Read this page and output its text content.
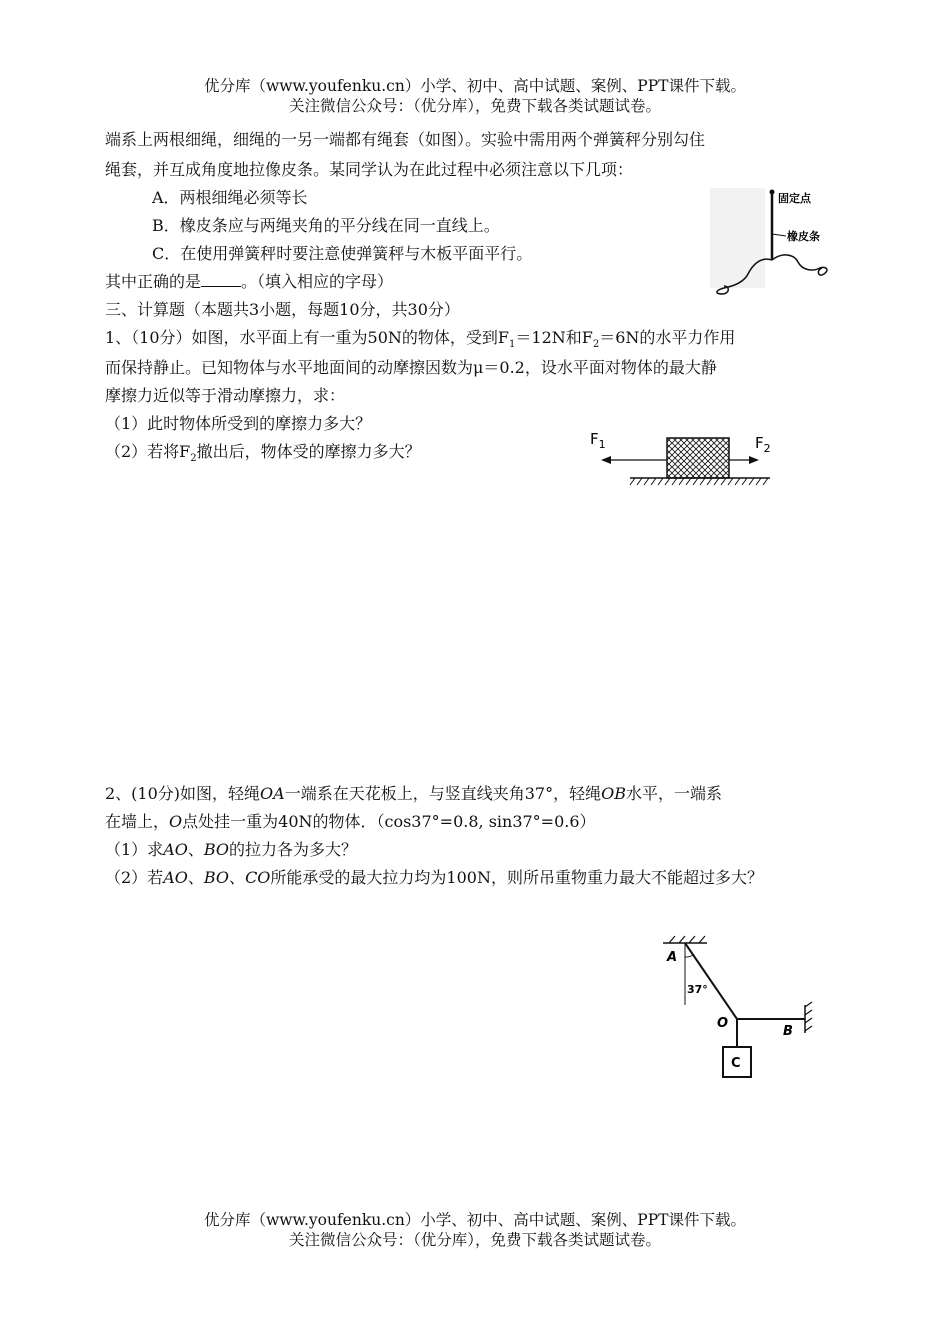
优分库（www.youfenku.cn）小学、初中、高中试题、案例、PPT课件下载。
关注微信公众号：（优分库），免费下载各类试题试卷。
端系上两根细绳，细绳的一另一端都有绳套（如图）。实验中需用两个弹簧秤分别勾住
绳套，并互成角度地拉像皮条。某同学认为在此过程中必须注意以下几项：
A．两根细绳必须等长
B．橡皮条应与两绳夹角的平分线在同一直线上。
C．在使用弹簧秤时要注意使弹簧秤与木板平面平行。
其中正确的是	。（填入相应的字母）
固定点
橡皮条
三、计算题（本题共3小题，每题10分，共30分）
1、（10分）如图，水平面上有一重为50N的物体，受到$F_1=12N$和$F_2=6N$的水平力作用
而保持静止。已知物体与水平地面间的动摩擦因数为μ＝0.2，设水平面对物体的最大静
摩擦力近似等于滑动摩擦力，求：
（1）此时物体所受到的摩擦力多大？
（2）若将$F_2$撤出后，物体受的摩擦力多大？
$F_1$	$F_2$
2、(10分)如图，轻绳OA一端系在天花板上，与竖直线夹角37°，轻绳OB水平，一端系
在墙上，O点处挂一重为40N的物体．（cos37°=0.8, sin37°=0.6）
（1）求AO、BO的拉力各为多大？
（2）若AO、BO、CO所能承受的最大拉力均为100N，则所吊重物重力最大不能超过多大？
A
37°
O
B
C
优分库（www.youfenku.cn）小学、初中、高中试题、案例、PPT课件下载。
关注微信公众号：（优分库），免费下载各类试题试卷。
